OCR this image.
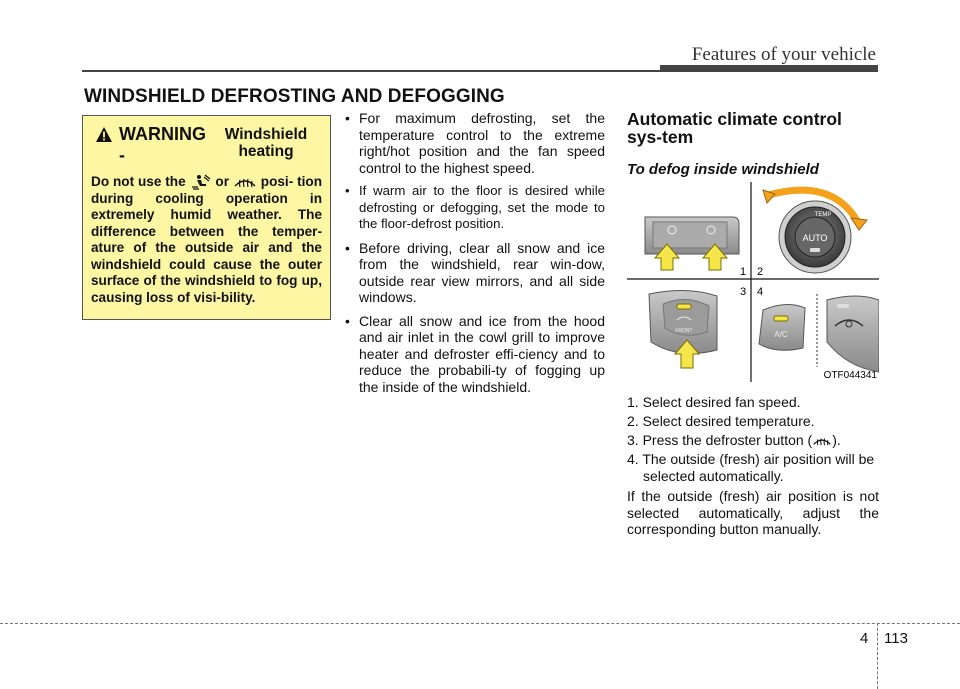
Features of your vehicle
WINDSHIELD DEFROSTING AND DEFOGGING
WARNING -
Windshield heating
Do not use the or posi- tion during cooling operation in extremely humid weather. The difference between the temper-ature of the outside air and the windshield could cause the outer surface of the windshield to fog up, causing loss of visi-bility.
• For maximum defrosting, set the temperature control to the extreme right/hot position and the fan speed control to the highest speed.
• If warm air to the floor is desired while defrosting or defogging, set the mode to the floor-defrost position.
• Before driving, clear all snow and ice from the windshield, rear win-dow, outside rear view mirrors, and all side windows.
• Clear all snow and ice from the hood and air inlet in the cowl grill to improve heater and defroster effi-ciency and to reduce the probabili-ty of fogging up the inside of the windshield.
Automatic climate control sys-tem
To defog inside windshield
AUTO
TEMP
1 2
3 4
FRONT	A/C
OTF044341
1. Select desired fan speed.
2. Select desired temperature.
3. Press the defroster button ( ).
4. The outside (fresh) air position will be selected automatically.
If the outside (fresh) air position is not selected automatically, adjust the corresponding button manually.
4 113
